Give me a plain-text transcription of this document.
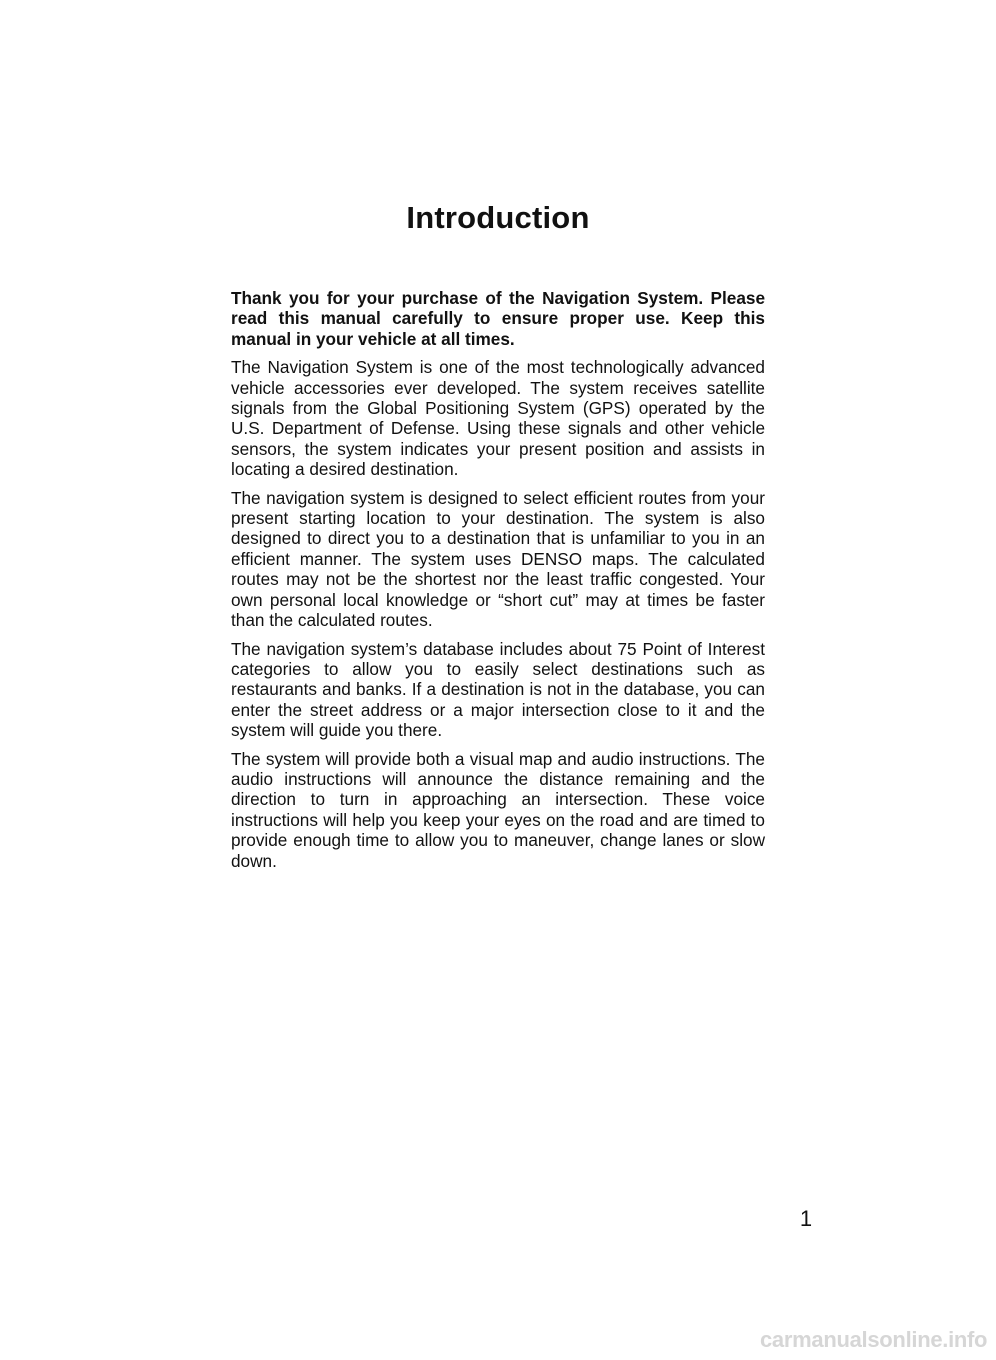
Introduction

Thank you for your purchase of the Navigation System. Please read this manual carefully to ensure proper use. Keep this manual in your vehicle at all times.

The Navigation System is one of the most technologically advanced vehicle accessories ever developed. The system receives satellite signals from the Global Positioning System (GPS) operated by the U.S. Department of Defense. Using these signals and other vehicle sensors, the system indicates your present position and assists in locating a desired destination.

The navigation system is designed to select efficient routes from your present starting location to your destination. The system is also designed to direct you to a destination that is unfamiliar to you in an efficient manner. The system uses DENSO maps. The calculated routes may not be the shortest nor the least traffic congested. Your own personal local knowledge or “short cut” may at times be faster than the calculated routes.

The navigation system’s database includes about 75 Point of Interest categories to allow you to easily select destinations such as restaurants and banks. If a destination is not in the database, you can enter the street address or a major intersection close to it and the system will guide you there.

The system will provide both a visual map and audio instructions. The audio instructions will announce the distance remaining and the direction to turn in approaching an intersection. These voice instructions will help you keep your eyes on the road and are timed to provide enough time to allow you to maneuver, change lanes or slow down.

1
carmanualsonline.info
